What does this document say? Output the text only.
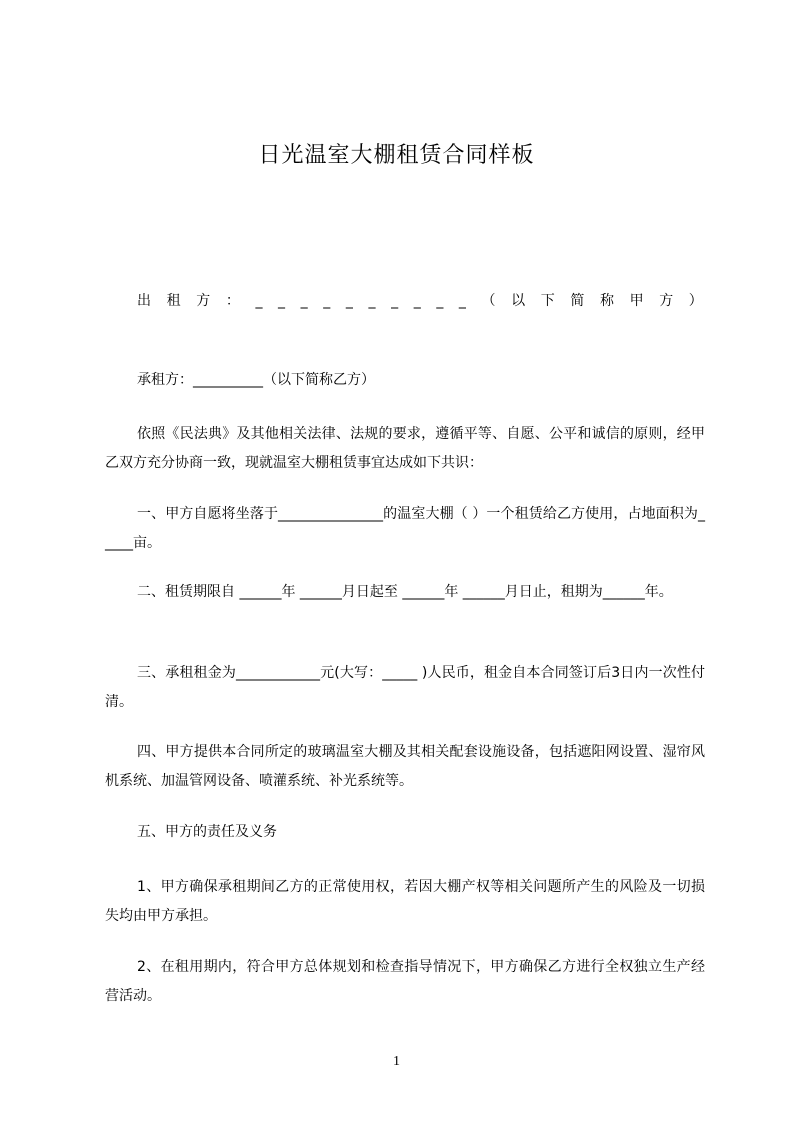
日光温室大棚租赁合同样板
出 租 方 ： _ _ _ _ _ _ _ _ _ _ （ 以 下 简 称 甲 方 ）

承租方：__________（以下简称乙方）

依照《民法典》及其他相关法律、法规的要求，遵循平等、自愿、公平和诚信的原则，经甲乙双方充分协商一致，现就温室大棚租赁事宜达成如下共识：

一、甲方自愿将坐落于_______________的温室大棚（ ）一个租赁给乙方使用，占地面积为_____亩。

二、租赁期限自 ______年 ______月日起至 ______年 ______月日止，租期为______年。

三、承租租金为____________元(大写：_____ )人民币，租金自本合同签订后3日内一次性付清。

四、甲方提供本合同所定的玻璃温室大棚及其相关配套设施设备，包括遮阳网设置、湿帘风机系统、加温管网设备、喷灌系统、补光系统等。

五、甲方的责任及义务

1、甲方确保承租期间乙方的正常使用权，若因大棚产权等相关问题所产生的风险及一切损失均由甲方承担。

2、在租用期内，符合甲方总体规划和检查指导情况下，甲方确保乙方进行全权独立生产经营活动。

1
